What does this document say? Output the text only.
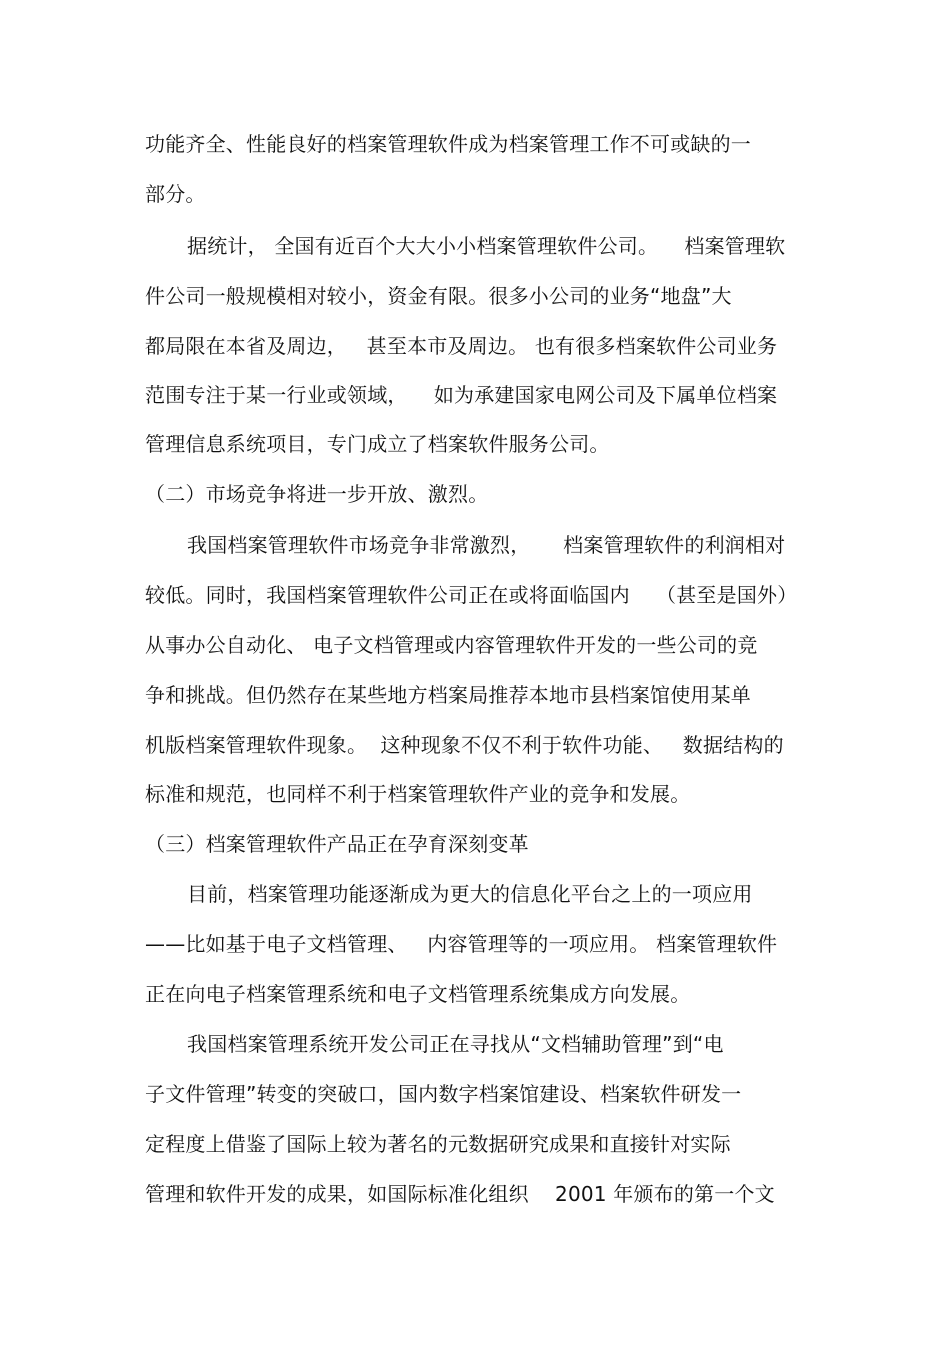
功能齐全、性能良好的档案管理软件成为档案管理工作不可或缺的一

部分。

据统计， 全国有近百个大大小小档案管理软件公司。    档案管理软

件公司一般规模相对较小，资金有限。很多小公司的业务“地盘”大

都局限在本省及周边，   甚至本市及周边。 也有很多档案软件公司业务

范围专注于某一行业或领域，    如为承建国家电网公司及下属单位档案

管理信息系统项目，专门成立了档案软件服务公司。

（二）市场竞争将进一步开放、激烈。

我国档案管理软件市场竞争非常激烈，     档案管理软件的利润相对

较低。同时，我国档案管理软件公司正在或将面临国内    （甚至是国外）

从事办公自动化、 电子文档管理或内容管理软件开发的一些公司的竞

争和挑战。但仍然存在某些地方档案局推荐本地市县档案馆使用某单

机版档案管理软件现象。  这种现象不仅不利于软件功能、   数据结构的

标准和规范，也同样不利于档案管理软件产业的竞争和发展。

（三）档案管理软件产品正在孕育深刻变革

目前，档案管理功能逐渐成为更大的信息化平台之上的一项应用

——比如基于电子文档管理、   内容管理等的一项应用。 档案管理软件

正在向电子档案管理系统和电子文档管理系统集成方向发展。

我国档案管理系统开发公司正在寻找从“文档辅助管理”到“电

子文件管理”转变的突破口，国内数字档案馆建设、档案软件研发一

定程度上借鉴了国际上较为著名的元数据研究成果和直接针对实际

管理和软件开发的成果，如国际标准化组织    2001 年颁布的第一个文
